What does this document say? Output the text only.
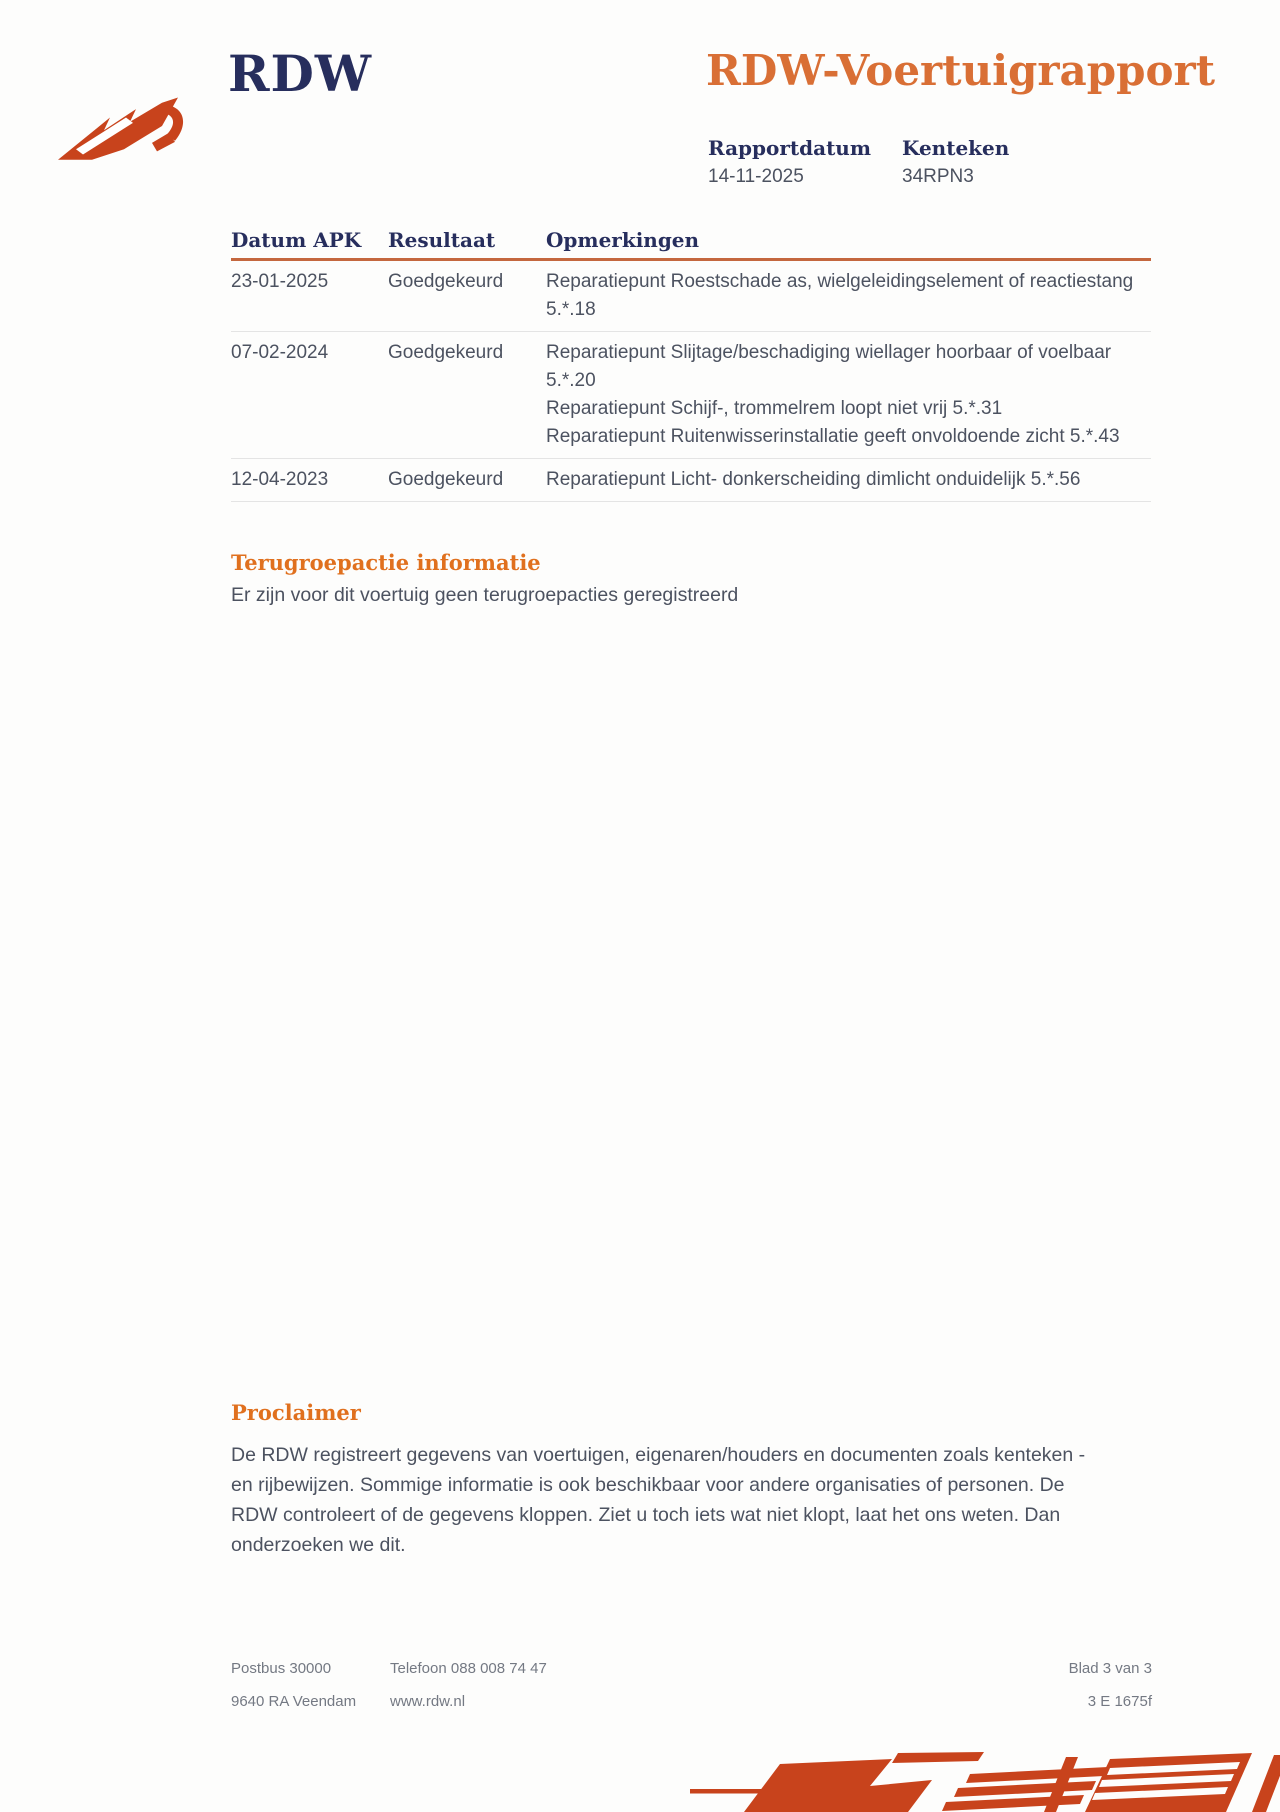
RDW	RDW-Voertuigrapport
Rapportdatum Kenteken
14-11-2025	34RPN3
Datum APK	Resultaat	Opmerkingen
23-01-2025	Goedgekeurd	Reparatiepunt Roestschade as, wielgeleidingselement of reactiestang 5.*.18
07-02-2024	Goedgekeurd	Reparatiepunt Slijtage/beschadiging wiellager hoorbaar of voelbaar 5.*.20
Reparatiepunt Schijf-, trommelrem loopt niet vrij 5.*.31
Reparatiepunt Ruitenwisserinstallatie geeft onvoldoende zicht 5.*.43
12-04-2023	Goedgekeurd	Reparatiepunt Licht- donkerscheiding dimlicht onduidelijk 5.*.56
Terugroepactie informatie
Er zijn voor dit voertuig geen terugroepacties geregistreerd
Proclaimer
De RDW registreert gegevens van voertuigen, eigenaren/houders en documenten zoals kenteken - en rijbewijzen. Sommige informatie is ook beschikbaar voor andere organisaties of personen. De RDW controleert of de gegevens kloppen. Ziet u toch iets wat niet klopt, laat het ons weten. Dan onderzoeken we dit.
Postbus 30000
9640 RA Veendam
Telefoon 088 008 74 47
www.rdw.nl
Blad 3 van 3
3 E 1675f
